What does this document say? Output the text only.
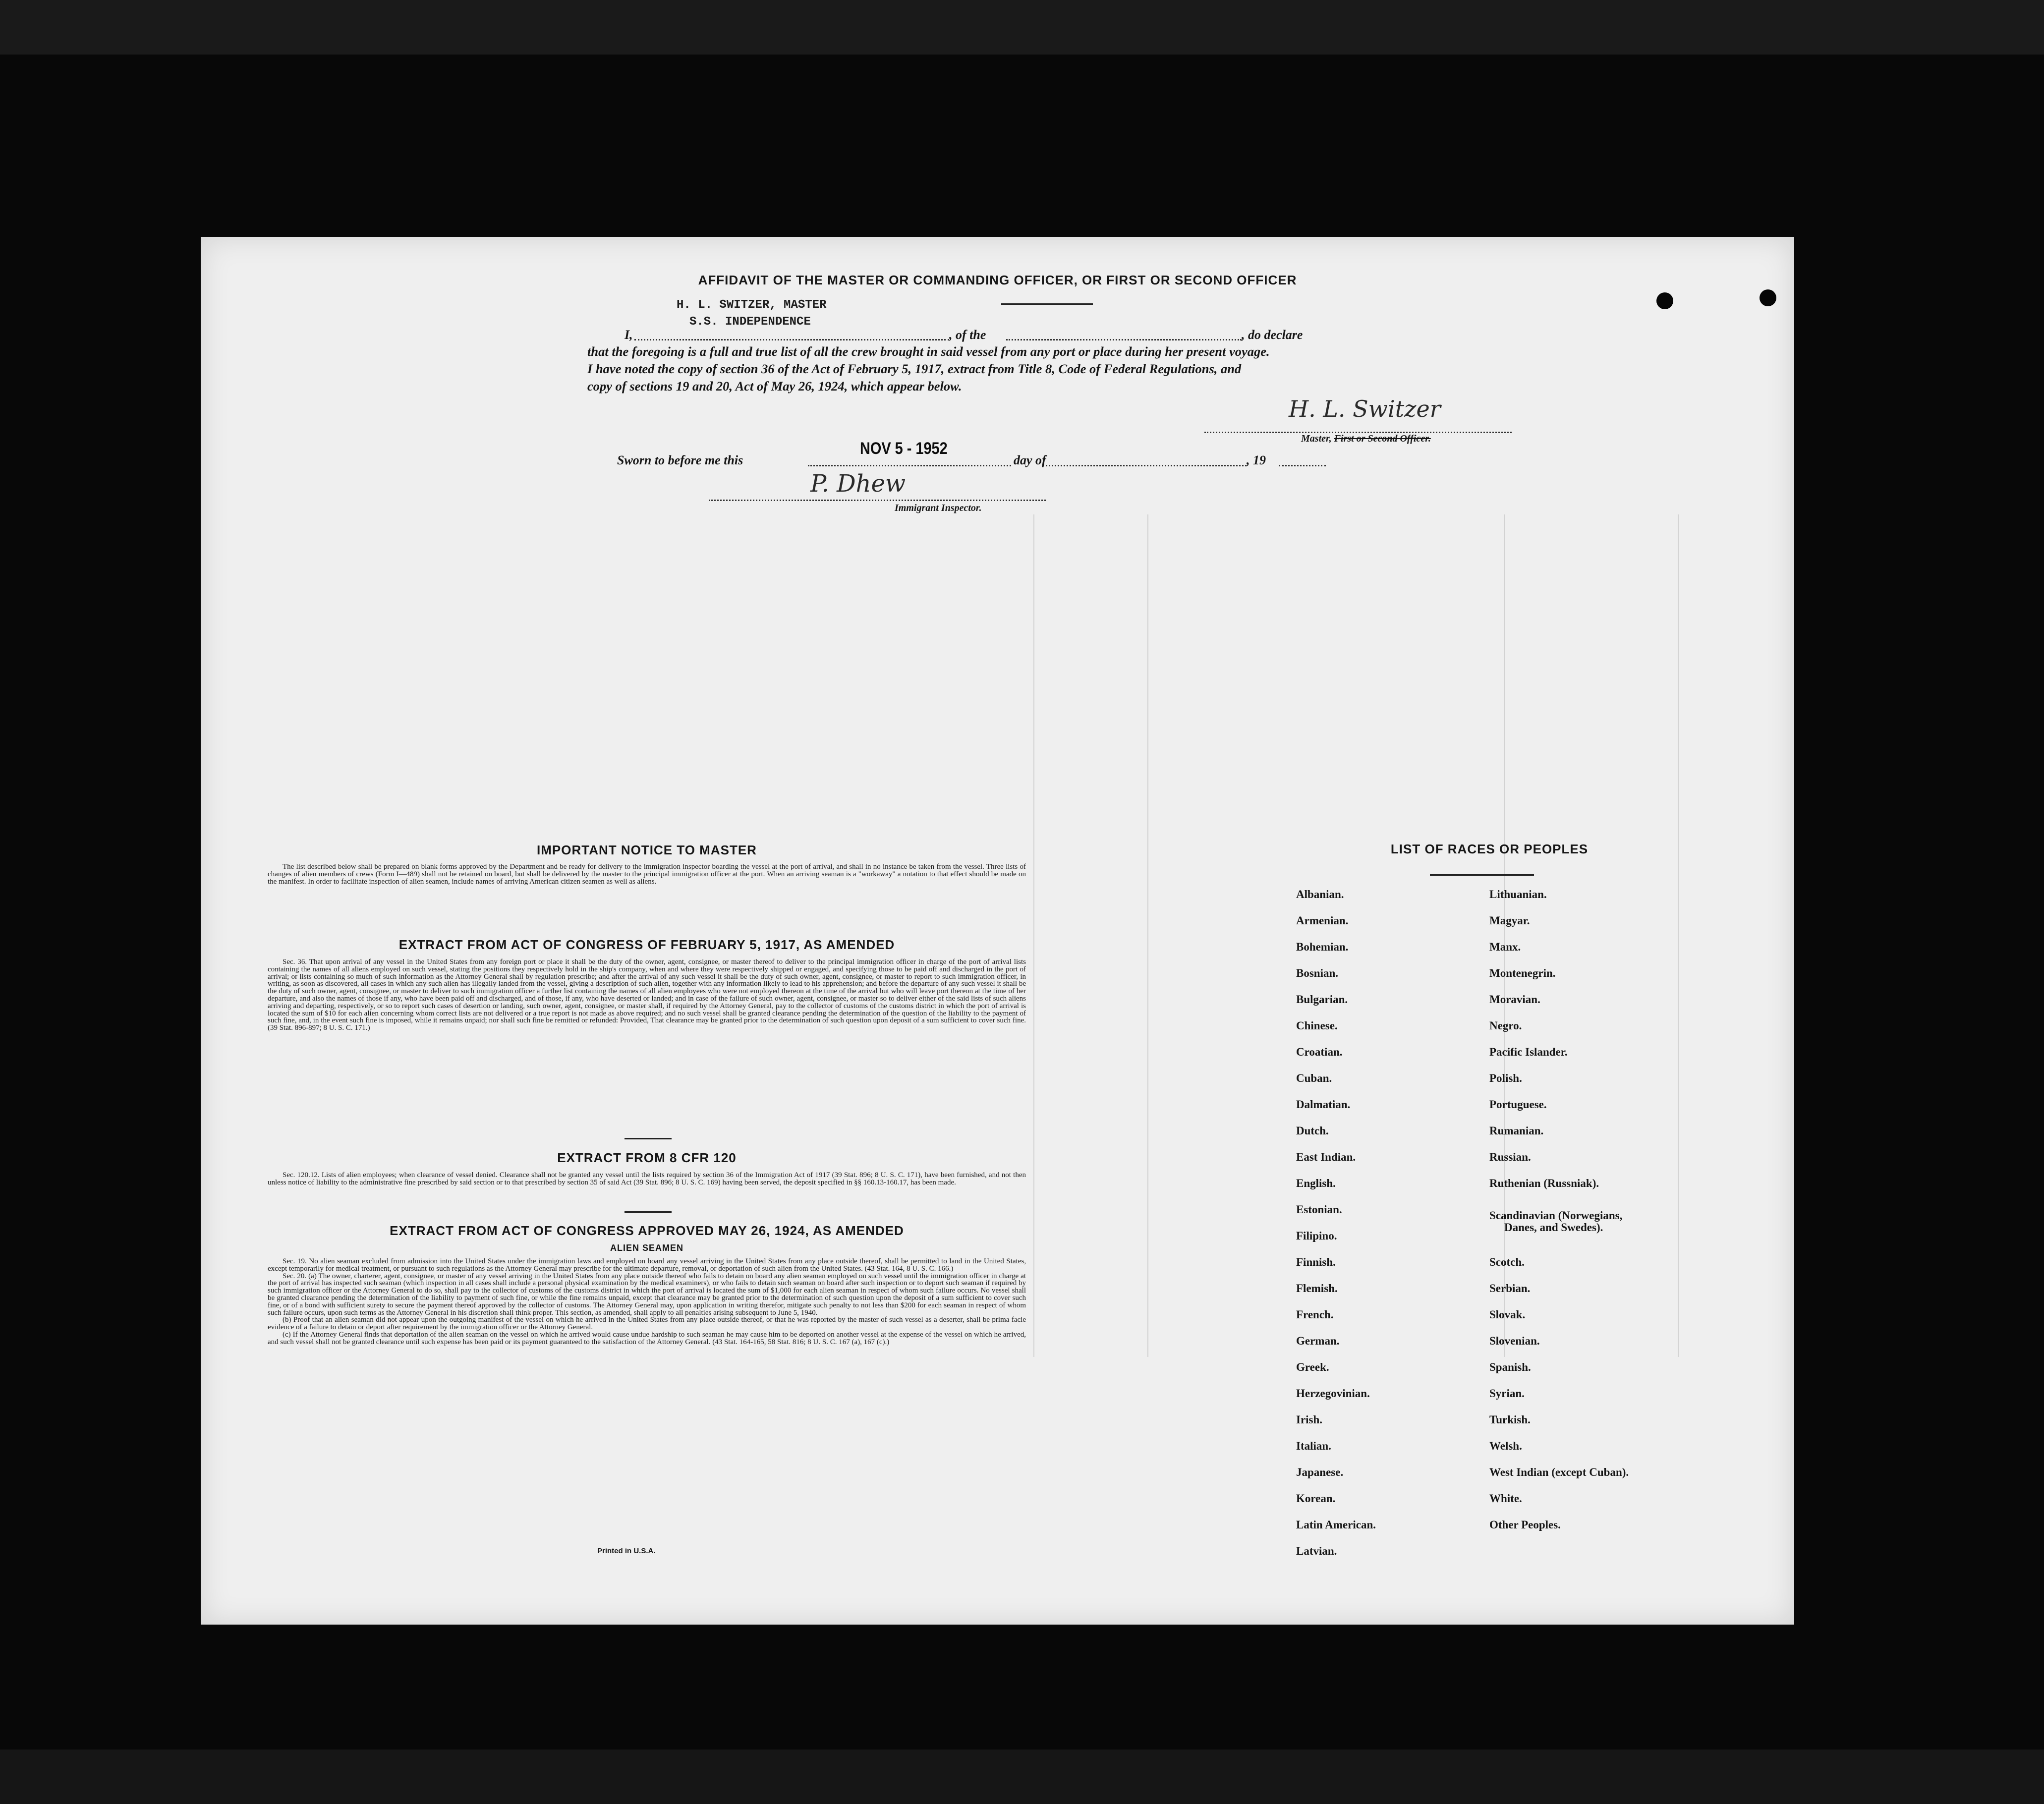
AFFIDAVIT OF THE MASTER OR COMMANDING OFFICER, OR FIRST OR SECOND OFFICER
H. L. SWITZER, MASTER
S.S. INDEPENDENCE
I,	, of the	, do declare
that the foregoing is a full and true list of all the crew brought in said vessel from any port or place during her present voyage.
I have noted the copy of section 36 of the Act of February 5, 1917, extract from Title 8, Code of Federal Regulations, and
copy of sections 19 and 20, Act of May 26, 1924, which appear below.
H. L. Switzer
Master, First or Second Officer.
Sworn to before me this
NOV 5 - 1952
day of	, 19
P. Dhew
Immigrant Inspector.
IMPORTANT NOTICE TO MASTER

The list described below shall be prepared on blank forms approved by the Department and be ready for delivery to the immigration inspector boarding the vessel at the port of arrival, and shall in no instance be taken from the vessel. Three lists of changes of alien members of crews (Form I—489) shall not be retained on board, but shall be delivered by the master to the principal immigration officer at the port. When an arriving seaman is a "workaway" a notation to that effect should be made on the manifest. In order to facilitate inspection of alien seamen, include names of arriving American citizen seamen as well as aliens.

EXTRACT FROM ACT OF CONGRESS OF FEBRUARY 5, 1917, AS AMENDED

Sec. 36. That upon arrival of any vessel in the United States from any foreign port or place it shall be the duty of the owner, agent, consignee, or master thereof to deliver to the principal immigration officer in charge of the port of arrival lists containing the names of all aliens employed on such vessel, stating the positions they respectively hold in the ship's company, when and where they were respectively shipped or engaged, and specifying those to be paid off and discharged in the port of arrival; or lists containing so much of such information as the Attorney General shall by regulation prescribe; and after the arrival of any such vessel it shall be the duty of such owner, agent, consignee, or master to report to such immigration officer, in writing, as soon as discovered, all cases in which any such alien has illegally landed from the vessel, giving a description of such alien, together with any information likely to lead to his apprehension; and before the departure of any such vessel it shall be the duty of such owner, agent, consignee, or master to deliver to such immigration officer a further list containing the names of all alien employees who were not employed thereon at the time of the arrival but who will leave port thereon at the time of her departure, and also the names of those if any, who have been paid off and discharged, and of those, if any, who have deserted or landed; and in case of the failure of such owner, agent, consignee, or master so to deliver either of the said lists of such aliens arriving and departing, respectively, or so to report such cases of desertion or landing, such owner, agent, consignee, or master shall, if required by the Attorney General, pay to the collector of customs of the customs district in which the port of arrival is located the sum of $10 for each alien concerning whom correct lists are not delivered or a true report is not made as above required; and no such vessel shall be granted clearance pending the determination of the question of the liability to the payment of such fine, and, in the event such fine is imposed, while it remains unpaid; nor shall such fine be remitted or refunded: Provided, That clearance may be granted prior to the determination of such question upon deposit of a sum sufficient to cover such fine. (39 Stat. 896-897; 8 U. S. C. 171.)

EXTRACT FROM 8 CFR 120

Sec. 120.12. Lists of alien employees; when clearance of vessel denied. Clearance shall not be granted any vessel until the lists required by section 36 of the Immigration Act of 1917 (39 Stat. 896; 8 U. S. C. 171), have been furnished, and not then unless notice of liability to the administrative fine prescribed by said section or to that prescribed by section 35 of said Act (39 Stat. 896; 8 U. S. C. 169) having been served, the deposit specified in §§ 160.13-160.17, has been made.

EXTRACT FROM ACT OF CONGRESS APPROVED MAY 26, 1924, AS AMENDED
ALIEN SEAMEN

Sec. 19. No alien seaman excluded from admission into the United States under the immigration laws and employed on board any vessel arriving in the United States from any place outside thereof, shall be permitted to land in the United States, except temporarily for medical treatment, or pursuant to such regulations as the Attorney General may prescribe for the ultimate departure, removal, or deportation of such alien from the United States. (43 Stat. 164, 8 U. S. C. 166.)

Sec. 20. (a) The owner, charterer, agent, consignee, or master of any vessel arriving in the United States from any place outside thereof who fails to detain on board any alien seaman employed on such vessel until the immigration officer in charge at the port of arrival has inspected such seaman (which inspection in all cases shall include a personal physical examination by the medical examiners), or who fails to detain such seaman on board after such inspection or to deport such seaman if required by such immigration officer or the Attorney General to do so, shall pay to the collector of customs of the customs district in which the port of arrival is located the sum of $1,000 for each alien seaman in respect of whom such failure occurs. No vessel shall be granted clearance pending the determination of the liability to payment of such fine, or while the fine remains unpaid, except that clearance may be granted prior to the determination of such question upon the deposit of a sum sufficient to cover such fine, or of a bond with sufficient surety to secure the payment thereof approved by the collector of customs. The Attorney General may, upon application in writing therefor, mitigate such penalty to not less than $200 for each seaman in respect of whom such failure occurs, upon such terms as the Attorney General in his discretion shall think proper. This section, as amended, shall apply to all penalties arising subsequent to June 5, 1940.

(b) Proof that an alien seaman did not appear upon the outgoing manifest of the vessel on which he arrived in the United States from any place outside thereof, or that he was reported by the master of such vessel as a deserter, shall be prima facie evidence of a failure to detain or deport after requirement by the immigration officer or the Attorney General.

(c) If the Attorney General finds that deportation of the alien seaman on the vessel on which he arrived would cause undue hardship to such seaman he may cause him to be deported on another vessel at the expense of the vessel on which he arrived, and such vessel shall not be granted clearance until such expense has been paid or its payment guaranteed to the satisfaction of the Attorney General. (43 Stat. 164-165, 58 Stat. 816; 8 U. S. C. 167 (a), 167 (c).)

Printed in U.S.A.
LIST OF RACES OR PEOPLES
Albanian.
Armenian.
Bohemian.
Bosnian.
Bulgarian.
Chinese.
Croatian.
Cuban.
Dalmatian.
Dutch.
East Indian.
English.
Estonian.
Filipino.
Finnish.
Flemish.
French.
German.
Greek.
Herzegovinian.
Irish.
Italian.
Japanese.
Korean.
Latin American.
Latvian.
Lithuanian.
Magyar.
Manx.
Montenegrin.
Moravian.
Negro.
Pacific Islander.
Polish.
Portuguese.
Rumanian.
Russian.
Ruthenian (Russniak).
Scandinavian (Norwegians,
Danes, and Swedes).
Scotch.
Serbian.
Slovak.
Slovenian.
Spanish.
Syrian.
Turkish.
Welsh.
West Indian (except Cuban).
White.
Other Peoples.
